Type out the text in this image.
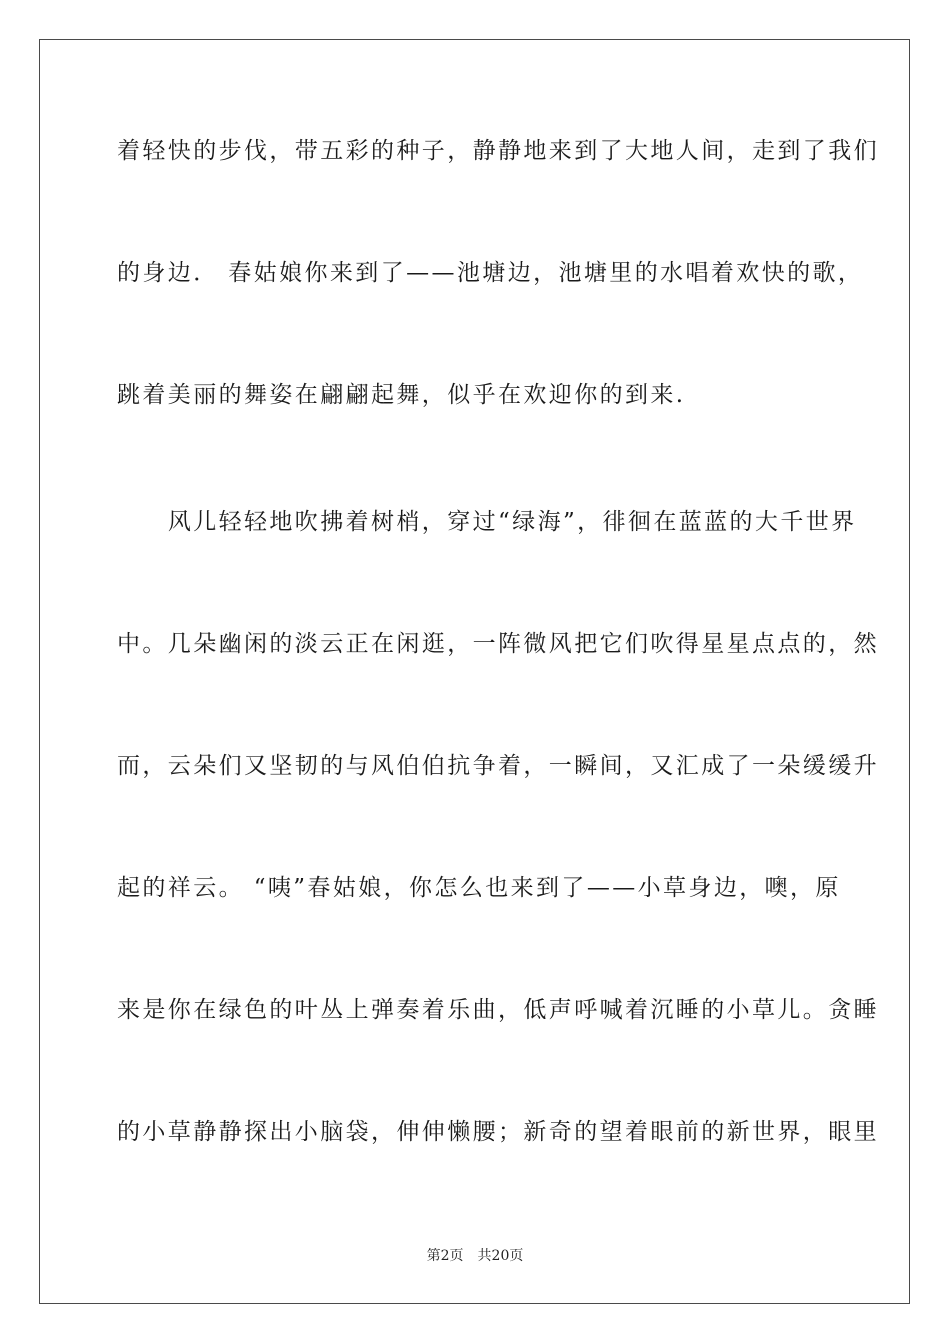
着轻快的步伐，带五彩的种子，静静地来到了大地人间，走到了我们
的身边． 春姑娘你来到了——池塘边，池塘里的水唱着欢快的歌，
跳着美丽的舞姿在翩翩起舞，似乎在欢迎你的到来.
　　风儿轻轻地吹拂着树梢，穿过“绿海”，徘徊在蓝蓝的大千世界
中。几朵幽闲的淡云正在闲逛，一阵微风把它们吹得星星点点的，然
而，云朵们又坚韧的与风伯伯抗争着，一瞬间，又汇成了一朵缓缓升
起的祥云。 “咦”春姑娘，你怎么也来到了——小草身边，噢，原
来是你在绿色的叶丛上弹奏着乐曲，低声呼喊着沉睡的小草儿。贪睡
的小草静静探出小脑袋，伸伸懒腰；新奇的望着眼前的新世界，眼里
第2页 共20页
